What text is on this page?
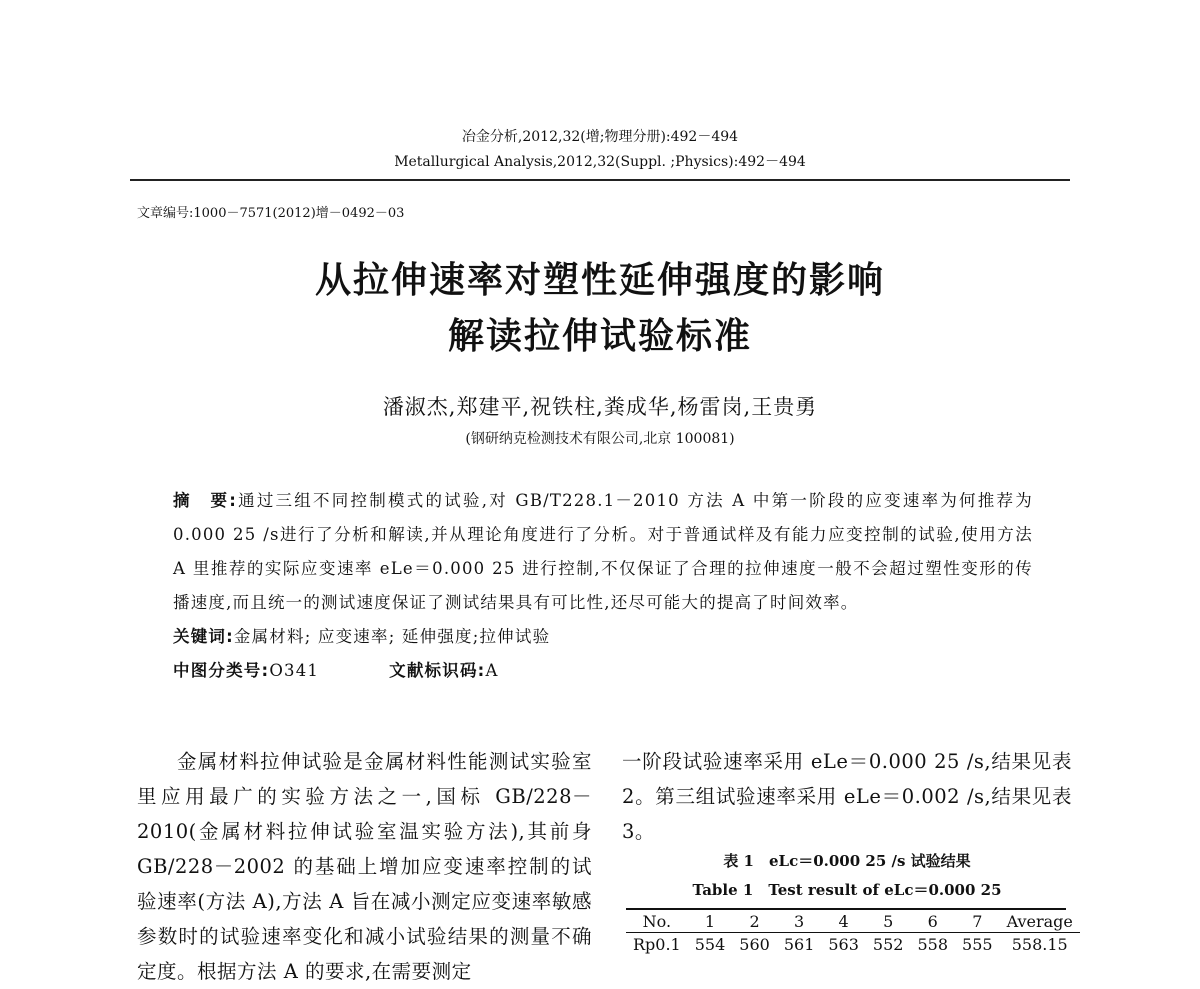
冶金分析,2012,32(增;物理分册):492－494
Metallurgical Analysis,2012,32(Suppl. ;Physics):492－494
文章编号:1000－7571(2012)增－0492－03
从拉伸速率对塑性延伸强度的影响
解读拉伸试验标准
潘淑杰,郑建平,祝铁柱,粪成华,杨雷岗,王贵勇
(钢研纳克检测技术有限公司,北京 100081)
摘　要:通过三组不同控制模式的试验,对 GB/T228.1－2010 方法 A 中第一阶段的应变速率为何推荐为 0.000 25 /s进行了分析和解读,并从理论角度进行了分析。对于普通试样及有能力应变控制的试验,使用方法 A 里推荐的实际应变速率 eLe＝0.000 25 进行控制,不仅保证了合理的拉伸速度一般不会超过塑性变形的传播速度,而且统一的测试速度保证了测试结果具有可比性,还尽可能大的提高了时间效率。
关键词:金属材料; 应变速率; 延伸强度;拉伸试验
中图分类号:O341	文献标识码:A
金属材料拉伸试验是金属材料性能测试实验室里应用最广的实验方法之一,国标 GB/228－2010(金属材料拉伸试验室温实验方法),其前身GB/228－2002 的基础上增加应变速率控制的试验速率(方法 A),方法 A 旨在减小测定应变速率敏感参数时的试验速率变化和减小试验结果的测量不确定度。根据方法 A 的要求,在需要测定
一阶段试验速率采用 eLe＝0.000 25 /s,结果见表 2。第三组试验速率采用 eLe＝0.002 /s,结果见表 3。
表 1　eLc＝0.000 25 /s 试验结果
Table 1　Test result of eLc＝0.000 25
No.	1	2	3	4	5	6	7	Average
Rp0.1	554	560	561	563	552	558	555	558.15
